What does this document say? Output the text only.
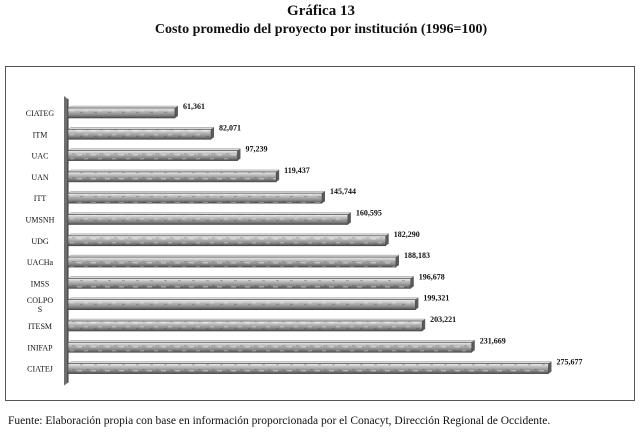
Gráfica 13
Costo promedio del proyecto por institución (1996=100)
CIATEG
61,361
ITM
82,071
UAC
97,239
UAN
119,437
ITT
145,744
UMSNH
160,595
UDG
182,290
UACHa
188,183
IMSS
196,678
COLPO
S
199,321
ITESM
203,221
INIFAP
231,669
CIATEJ
275,677
Fuente: Elaboración propia con base en información proporcionada por el Conacyt, Dirección Regional de Occidente.
